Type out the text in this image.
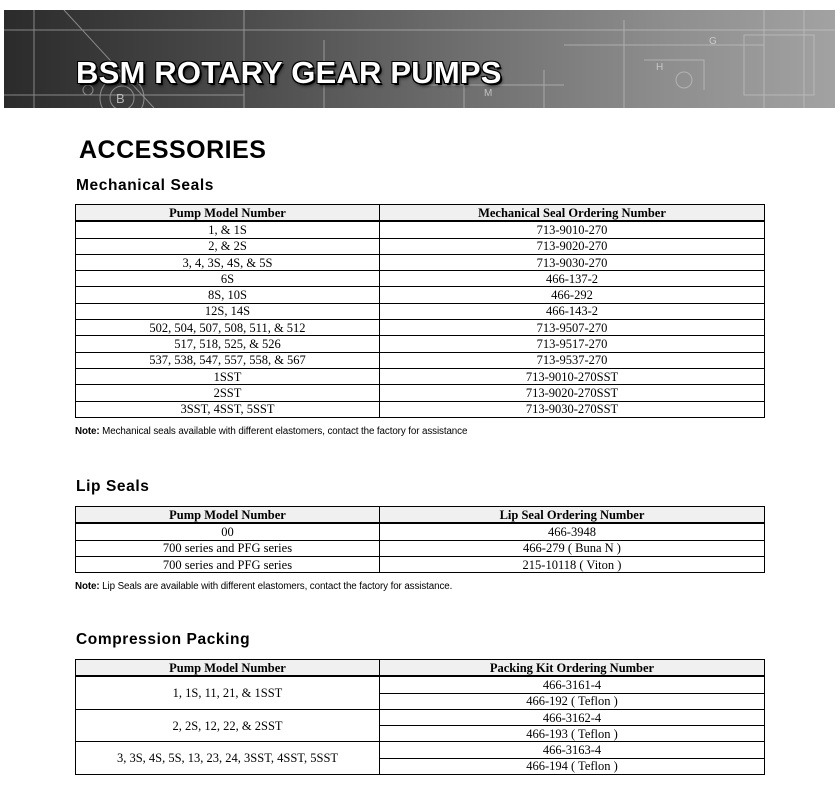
G
M
H
B
BSM ROTARY GEAR PUMPS
ACCESSORIES
Mechanical Seals
Pump Model Number	Mechanical Seal Ordering Number
1, & 1S	713-9010-270
2, & 2S	713-9020-270
3, 4, 3S, 4S, & 5S	713-9030-270
6S	466-137-2
8S, 10S	466-292
12S, 14S	466-143-2
502, 504, 507, 508, 511, & 512	713-9507-270
517, 518, 525, & 526	713-9517-270
537, 538, 547, 557, 558, & 567	713-9537-270
1SST	713-9010-270SST
2SST	713-9020-270SST
3SST, 4SST, 5SST	713-9030-270SST

Note: Mechanical seals available with different elastomers, contact the factory for assistance

Lip Seals
Pump Model Number	Lip Seal Ordering Number
00	466-3948
700 series and PFG series	466-279 ( Buna N )
700 series and PFG series	215-10118 ( Viton )

Note: Lip Seals are available with different elastomers, contact the factory for assistance.

Compression Packing
Pump Model Number	Packing Kit Ordering Number
1, 1S, 11, 21, & 1SST	466-3161-4
	466-192 ( Teflon )
2, 2S, 12, 22, & 2SST	466-3162-4
	466-193 ( Teflon )
3, 3S, 4S, 5S, 13, 23, 24, 3SST, 4SST, 5SST	466-3163-4
	466-194 ( Teflon )
